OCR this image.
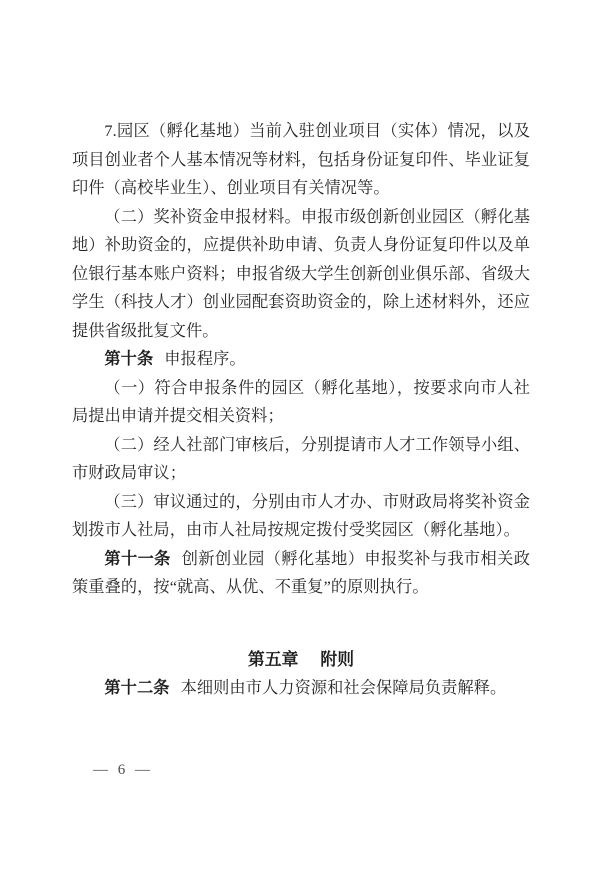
7.园区（孵化基地）当前入驻创业项目（实体）情况，以及项目创业者个人基本情况等材料，包括身份证复印件、毕业证复印件（高校毕业生）、创业项目有关情况等。

（二）奖补资金申报材料。申报市级创新创业园区（孵化基地）补助资金的，应提供补助申请、负责人身份证复印件以及单位银行基本账户资料；申报省级大学生创新创业俱乐部、省级大学生（科技人才）创业园配套资助资金的，除上述材料外，还应提供省级批复文件。

第十条 申报程序。

（一）符合申报条件的园区（孵化基地），按要求向市人社局提出申请并提交相关资料；

（二）经人社部门审核后，分别提请市人才工作领导小组、市财政局审议；

（三）审议通过的，分别由市人才办、市财政局将奖补资金划拨市人社局，由市人社局按规定拨付受奖园区（孵化基地）。

第十一条 创新创业园（孵化基地）申报奖补与我市相关政策重叠的，按“就高、从优、不重复”的原则执行。

第五章 附则

第十二条 本细则由市人力资源和社会保障局负责解释。

— 6 —
